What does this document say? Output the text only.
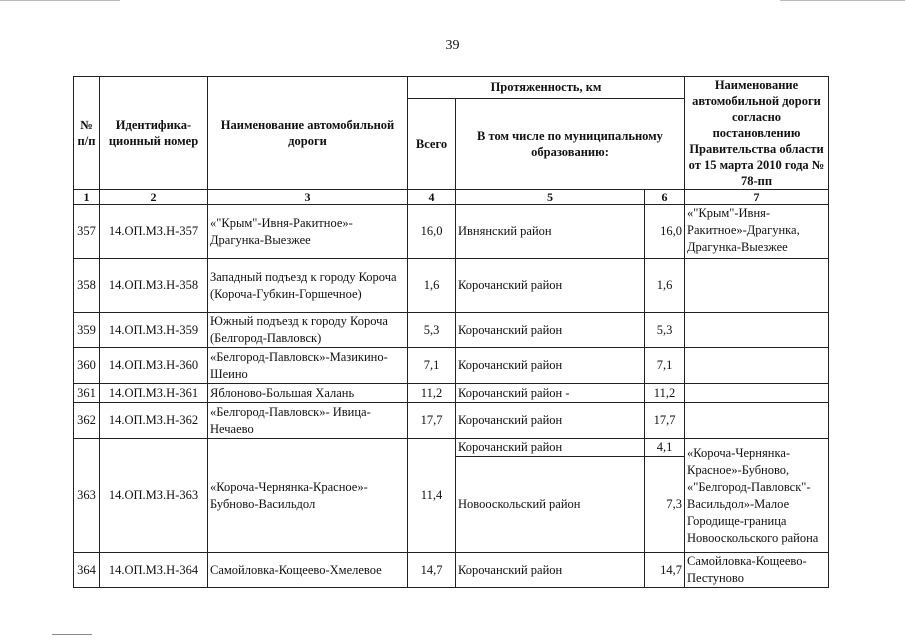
39
№ п/п	Идентифика-ционный номер	Наименование автомобильной дороги	Протяженность, км			Наименование автомобильной дороги согласно постановлению Правительства области от 15 марта 2010 года № 78-пп
			Всего	В том числе по муниципальному образованию:		
1	2	3	4	5	6	7
357	14.ОП.МЗ.Н-357	«"Крым"-Ивня-Ракитное»-Драгунка-Выезжее	16,0	Ивнянский район	16,0	«"Крым"-Ивня-Ракитное»-Драгунка, Драгунка-Выезжее
358	14.ОП.МЗ.Н-358	Западный подъезд к городу Короча (Короча-Губкин-Горшечное)	1,6	Корочанский район	1,6	
359	14.ОП.МЗ.Н-359	Южный подъезд к городу Короча (Белгород-Павловск)	5,3	Корочанский район	5,3	
360	14.ОП.МЗ.Н-360	«Белгород-Павловск»-Мазикино-Шеино	7,1	Корочанский район	7,1	
361	14.ОП.МЗ.Н-361	Яблоново-Большая Халань	11,2	Корочанский район -	11,2	
362	14.ОП.МЗ.Н-362	«Белгород-Павловск»- Ивица-Нечаево	17,7	Корочанский район	17,7	
363	14.ОП.МЗ.Н-363	«Короча-Чернянка-Красное»-Бубново-Васильдол	11,4	Корочанский район	4,1	«Короча-Чернянка-Красное»-Бубново, «"Белгород-Павловск"-Васильдол»-Малое Городище-граница Новооскольского района
				Новооскольский район	7,3	
364	14.ОП.МЗ.Н-364	Самойловка-Кощеево-Хмелевое	14,7	Корочанский район	14,7	Самойловка-Кощеево-Пестуново
